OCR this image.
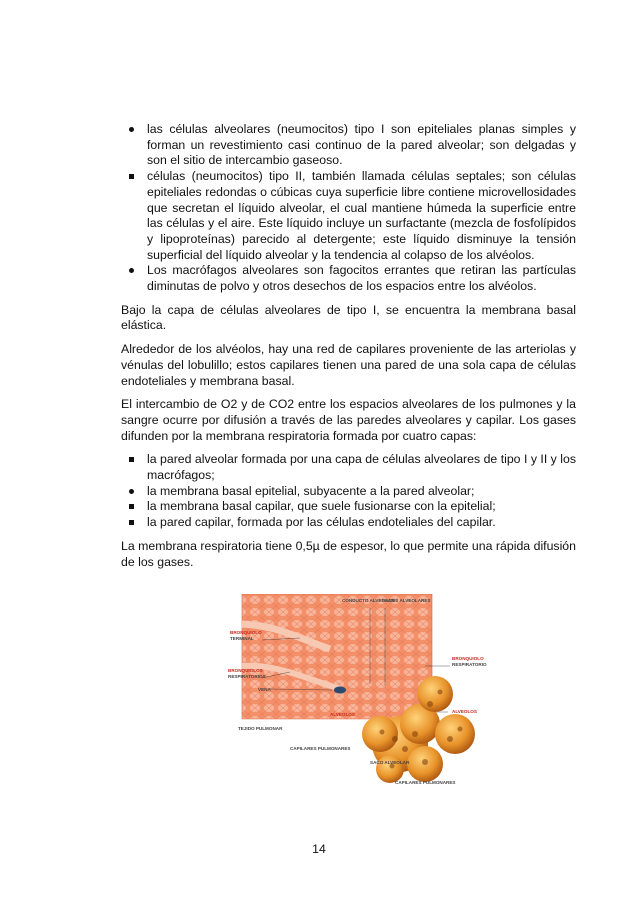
las células alveolares (neumocitos) tipo I son epiteliales planas simples y forman un revestimiento casi continuo de la pared alveolar; son delgadas y son el sitio de intercambio gaseoso.
células (neumocitos) tipo II, también llamada células septales; son células epiteliales redondas o cúbicas cuya superficie libre contiene microvellosidades que secretan el líquido alveolar, el cual mantiene húmeda la superficie entre las células y el aire. Este líquido incluye un surfactante (mezcla de fosfolípidos y lipoproteínas) parecido al detergente; este líquido disminuye la tensión superficial del líquido alveolar y la tendencia al colapso de los alvéolos.
Los macrófagos alveolares son fagocitos errantes que retiran las partículas diminutas de polvo y otros desechos de los espacios entre los alvéolos.

Bajo la capa de células alveolares de tipo I, se encuentra la membrana basal elástica.

Alrededor de los alvéolos, hay una red de capilares proveniente de las arteriolas y vénulas del lobulillo; estos capilares tienen una pared de una sola capa de células endoteliales y membrana basal.

El intercambio de O2 y de CO2 entre los espacios alveolares de los pulmones y la sangre ocurre por difusión a través de las paredes alveolares y capilar. Los gases difunden por la membrana respiratoria formada por cuatro capas:

la pared alveolar formada por una capa de células alveolares de tipo I y II y los macrófagos;
la membrana basal epitelial, subyacente a la pared alveolar;
la membrana basal capilar, que suele fusionarse con la epitelial;
la pared capilar, formada por las células endoteliales del capilar.

La membrana respiratoria tiene 0,5µ de espesor, lo que permite una rápida difusión de los gases.

CONDUCTO ALVEOLAR
SACOS ALVEOLARES
BRONQUIOLO
TERMINAL
BRONQUIOLOS
RESPIRATORIOS
VENA
ALVEOLOS
TEJIDO PULMONAR
CAPILARES PULMONARES
SACO ALVEOLAR
CAPILARES PULMONARES
BRONQUIOLO
RESPIRATORIO
ALVEOLOS
14
